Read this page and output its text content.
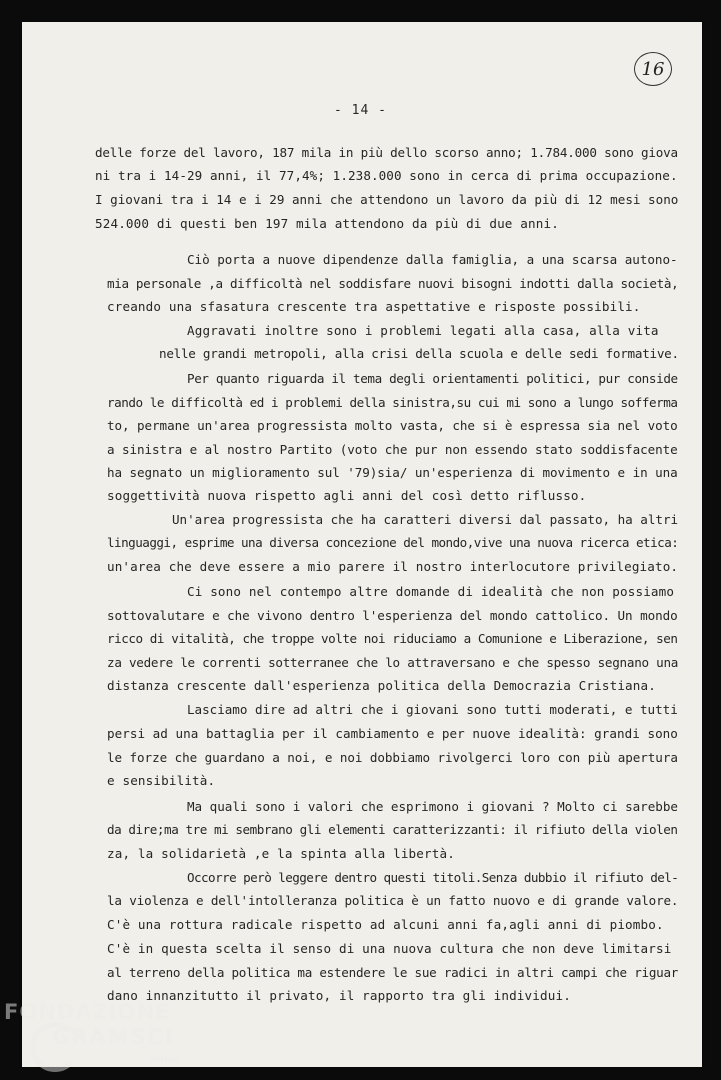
16
- 14 -
delle forze del lavoro, 187 mila in più dello scorso anno; 1.784.000 sono giova
ni tra i 14-29 anni, il 77,4%; 1.238.000 sono in cerca di prima occupazione.
I giovani tra i 14 e i 29 anni che attendono un lavoro da più di 12 mesi sono
524.000 di questi ben 197 mila attendono da più di due anni.
Ciò porta a nuove dipendenze dalla famiglia, a una scarsa autono-
mia personale ,a difficoltà nel soddisfare nuovi bisogni indotti dalla società,
creando una sfasatura crescente tra aspettative e risposte possibili.
Aggravati inoltre sono i problemi legati alla casa, alla vita
nelle grandi metropoli, alla crisi della scuola e delle sedi formative.
Per quanto riguarda il tema degli orientamenti politici, pur conside
rando le difficoltà ed i problemi della sinistra,su cui mi sono a lungo sofferma
to, permane un'area progressista molto vasta, che si è espressa sia nel voto
a sinistra e al nostro Partito (voto che pur non essendo stato soddisfacente
ha segnato un miglioramento sul '79)sia/ un'esperienza di movimento e in una
soggettività nuova rispetto agli anni del così detto riflusso.
Un'area progressista che ha caratteri diversi dal passato, ha altri
linguaggi, esprime una diversa concezione del mondo,vive una nuova ricerca etica:
un'area che deve essere a mio parere il nostro interlocutore privilegiato.
Ci sono nel contempo altre domande di idealità che non possiamo
sottovalutare e che vivono dentro l'esperienza del mondo cattolico. Un mondo
ricco di vitalità, che troppe volte noi riduciamo a Comunione e Liberazione, sen
za vedere le correnti sotterranee che lo attraversano e che spesso segnano una
distanza crescente dall'esperienza politica della Democrazia Cristiana.
Lasciamo dire ad altri che i giovani sono tutti moderati, e tutti
persi ad una battaglia per il cambiamento e per nuove idealità: grandi sono
le forze che guardano a noi, e noi dobbiamo rivolgerci loro con più apertura
e sensibilità.
Ma quali sono i valori che esprimono i giovani ? Molto ci sarebbe
da dire;ma tre mi sembrano gli elementi caratterizzanti: il rifiuto della violen
za, la solidarietà ,e la spinta alla libertà.
Occorre però leggere dentro questi titoli.Senza dubbio il rifiuto del-
la violenza e dell'intolleranza politica è un fatto nuovo e di grande valore.
C'è una rottura radicale rispetto ad alcuni anni fa,agli anni di piombo.
C'è in questa scelta il senso di una nuova cultura che non deve limitarsi
al terreno della politica ma estendere le sue radici in altri campi che riguar
dano innanzitutto il privato, il rapporto tra gli individui.
FONDAZIONE
GRAMSCI
onlus
